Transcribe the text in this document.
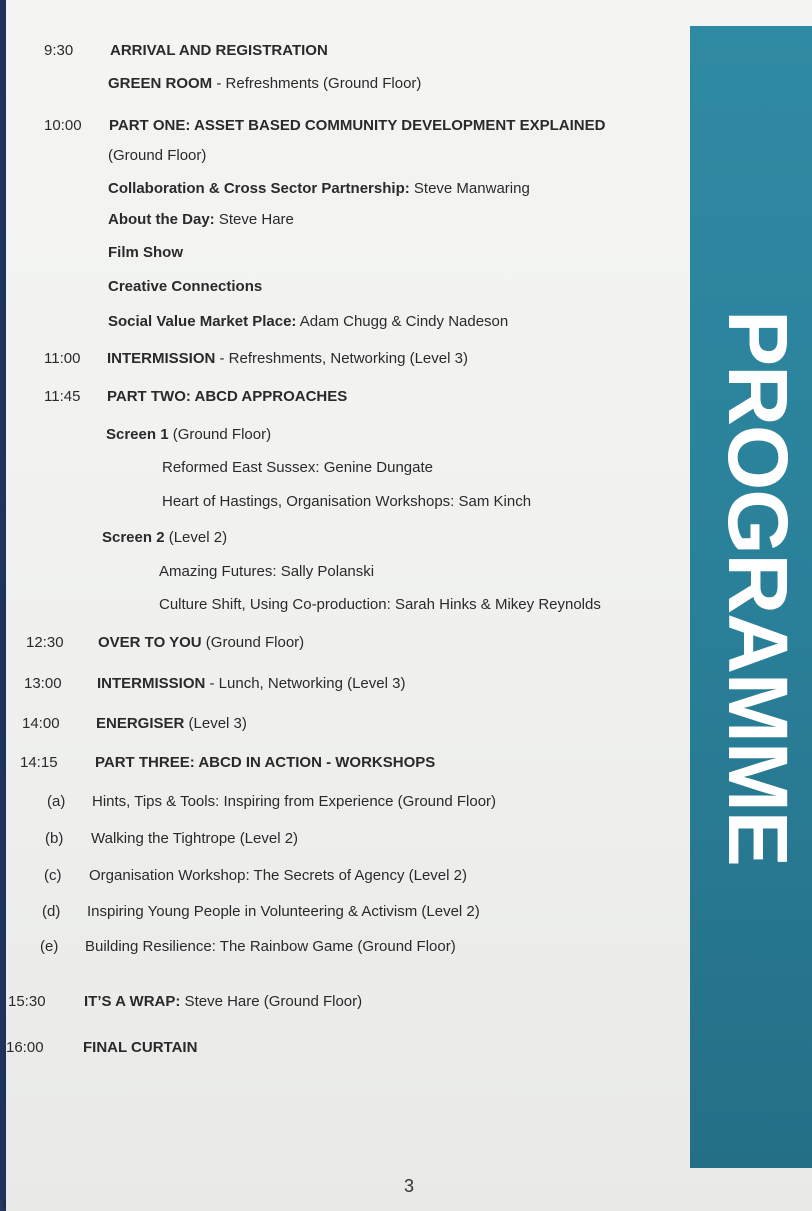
PROGRAMME
9:30 ARRIVAL AND REGISTRATION
GREEN ROOM - Refreshments (Ground Floor)
10:00 PART ONE: ASSET BASED COMMUNITY DEVELOPMENT EXPLAINED
(Ground Floor)
Collaboration & Cross Sector Partnership: Steve Manwaring
About the Day: Steve Hare
Film Show
Creative Connections
Social Value Market Place: Adam Chugg & Cindy Nadeson
11:00 INTERMISSION - Refreshments, Networking (Level 3)
11:45 PART TWO: ABCD APPROACHES
Screen 1 (Ground Floor)
Reformed East Sussex: Genine Dungate
Heart of Hastings, Organisation Workshops: Sam Kinch
Screen 2 (Level 2)
Amazing Futures: Sally Polanski
Culture Shift, Using Co-production: Sarah Hinks & Mikey Reynolds
12:30 OVER TO YOU (Ground Floor)
13:00 INTERMISSION - Lunch, Networking (Level 3)
14:00 ENERGISER (Level 3)
14:15 PART THREE: ABCD IN ACTION - WORKSHOPS
(a) Hints, Tips & Tools: Inspiring from Experience (Ground Floor)
(b) Walking the Tightrope (Level 2)
(c) Organisation Workshop: The Secrets of Agency (Level 2)
(d) Inspiring Young People in Volunteering & Activism (Level 2)
(e) Building Resilience: The Rainbow Game (Ground Floor)
15:30	IT’S A WRAP: Steve Hare (Ground Floor)
16:00	FINAL CURTAIN
3
